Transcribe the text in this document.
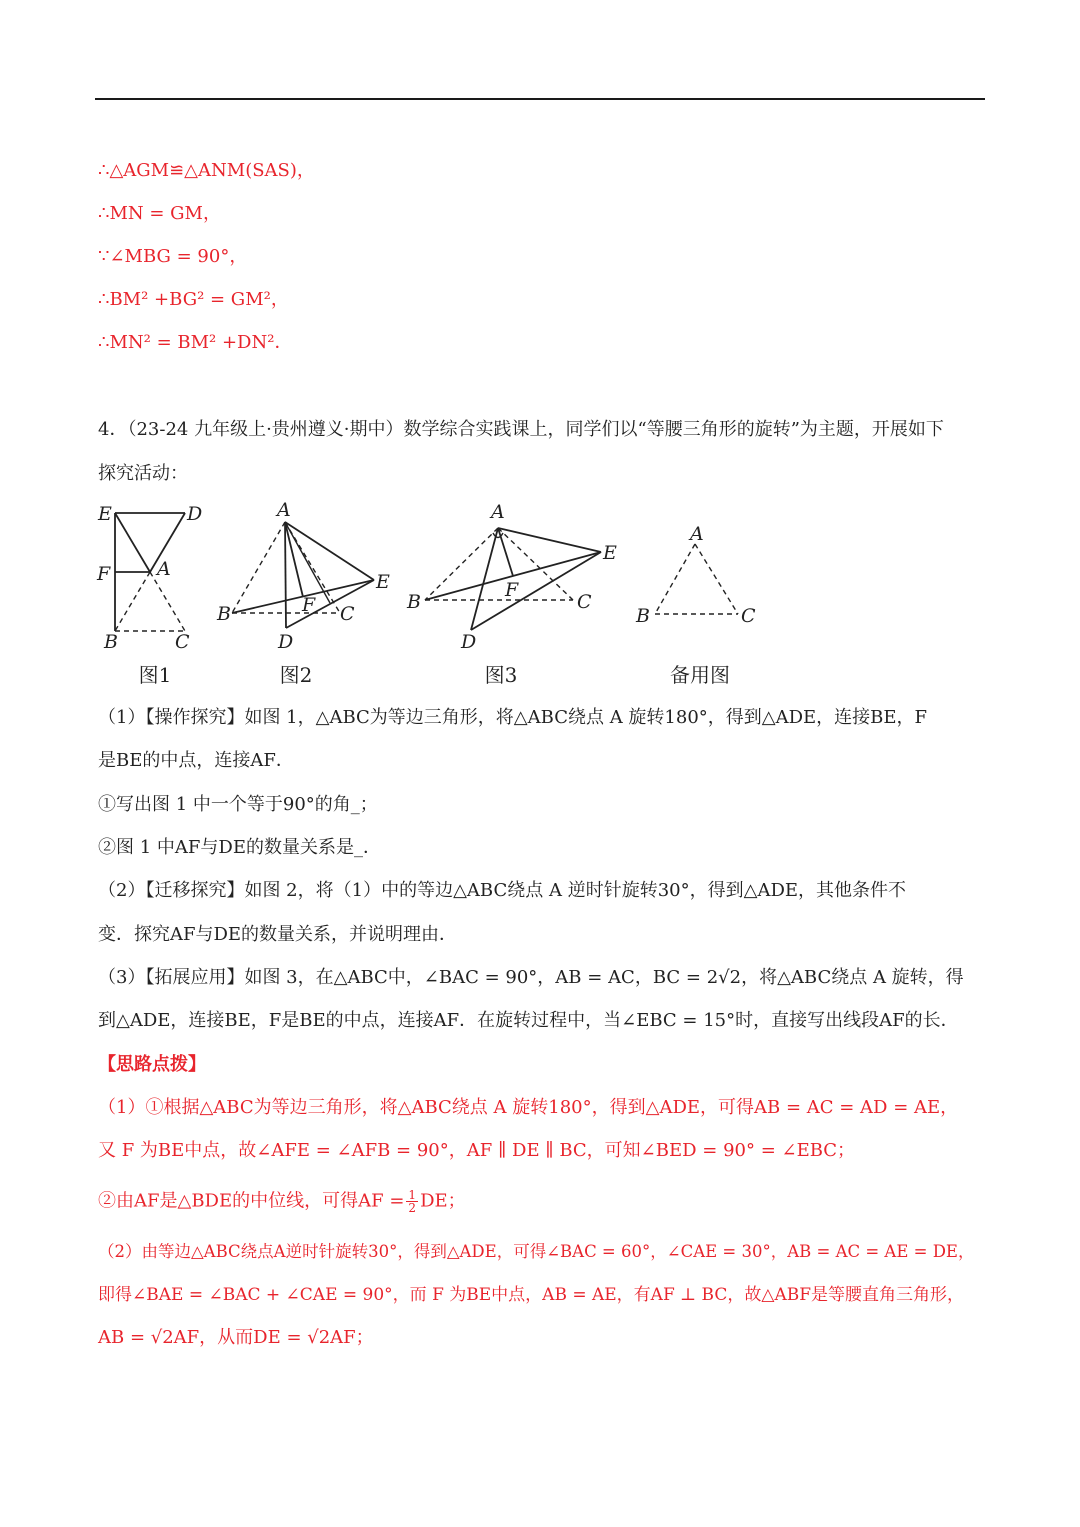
∴△AGM≌△ANM(SAS)，
∴MN = GM，
∵∠MBG = 90°，
∴BM² +BG² = GM²，
∴MN² = BM² +DN²．
4．（23-24 九年级上·贵州遵义·期中）数学综合实践课上，同学们以“等腰三角形的旋转”为主题，开展如下
探究活动：
E	D
F A
B	C
图1
A
E
B	F C
D
图2
A
E
B
F
C
D
图3
A
B	C
备用图
（1）【操作探究】如图 1，△ABC为等边三角形，将△ABC绕点 A 旋转180°，得到△ADE，连接BE，F
是BE的中点，连接AF．
①写出图 1 中一个等于90°的角_；
②图 1 中AF与DE的数量关系是_．
（2）【迁移探究】如图 2，将（1）中的等边△ABC绕点 A 逆时针旋转30°，得到△ADE，其他条件不
变．探究AF与DE的数量关系，并说明理由．
（3）【拓展应用】如图 3，在△ABC中，∠BAC = 90°，AB = AC，BC = 2√2，将△ABC绕点 A 旋转，得
到△ADE，连接BE，F是BE的中点，连接AF．在旋转过程中，当∠EBC = 15°时，直接写出线段AF的长．
【思路点拨】
（1）①根据△ABC为等边三角形，将△ABC绕点 A 旋转180°，得到△ADE，可得AB = AC = AD = AE，
又 F 为BE中点，故∠AFE = ∠AFB = 90°，AF ∥ DE ∥ BC，可知∠BED = 90° = ∠EBC；
②由AF是△BDE的中位线，可得AF = $\frac{1}{2}$ DE；
（2）由等边△ABC绕点A逆时针旋转30°，得到△ADE，可得∠BAC = 60°，∠CAE = 30°，AB = AC = AE = DE，
即得∠BAE = ∠BAC + ∠CAE = 90°，而 F 为BE中点，AB = AE，有AF ⊥ BC，故△ABF是等腰直角三角形，
AB = √2AF，从而DE = √2AF；
